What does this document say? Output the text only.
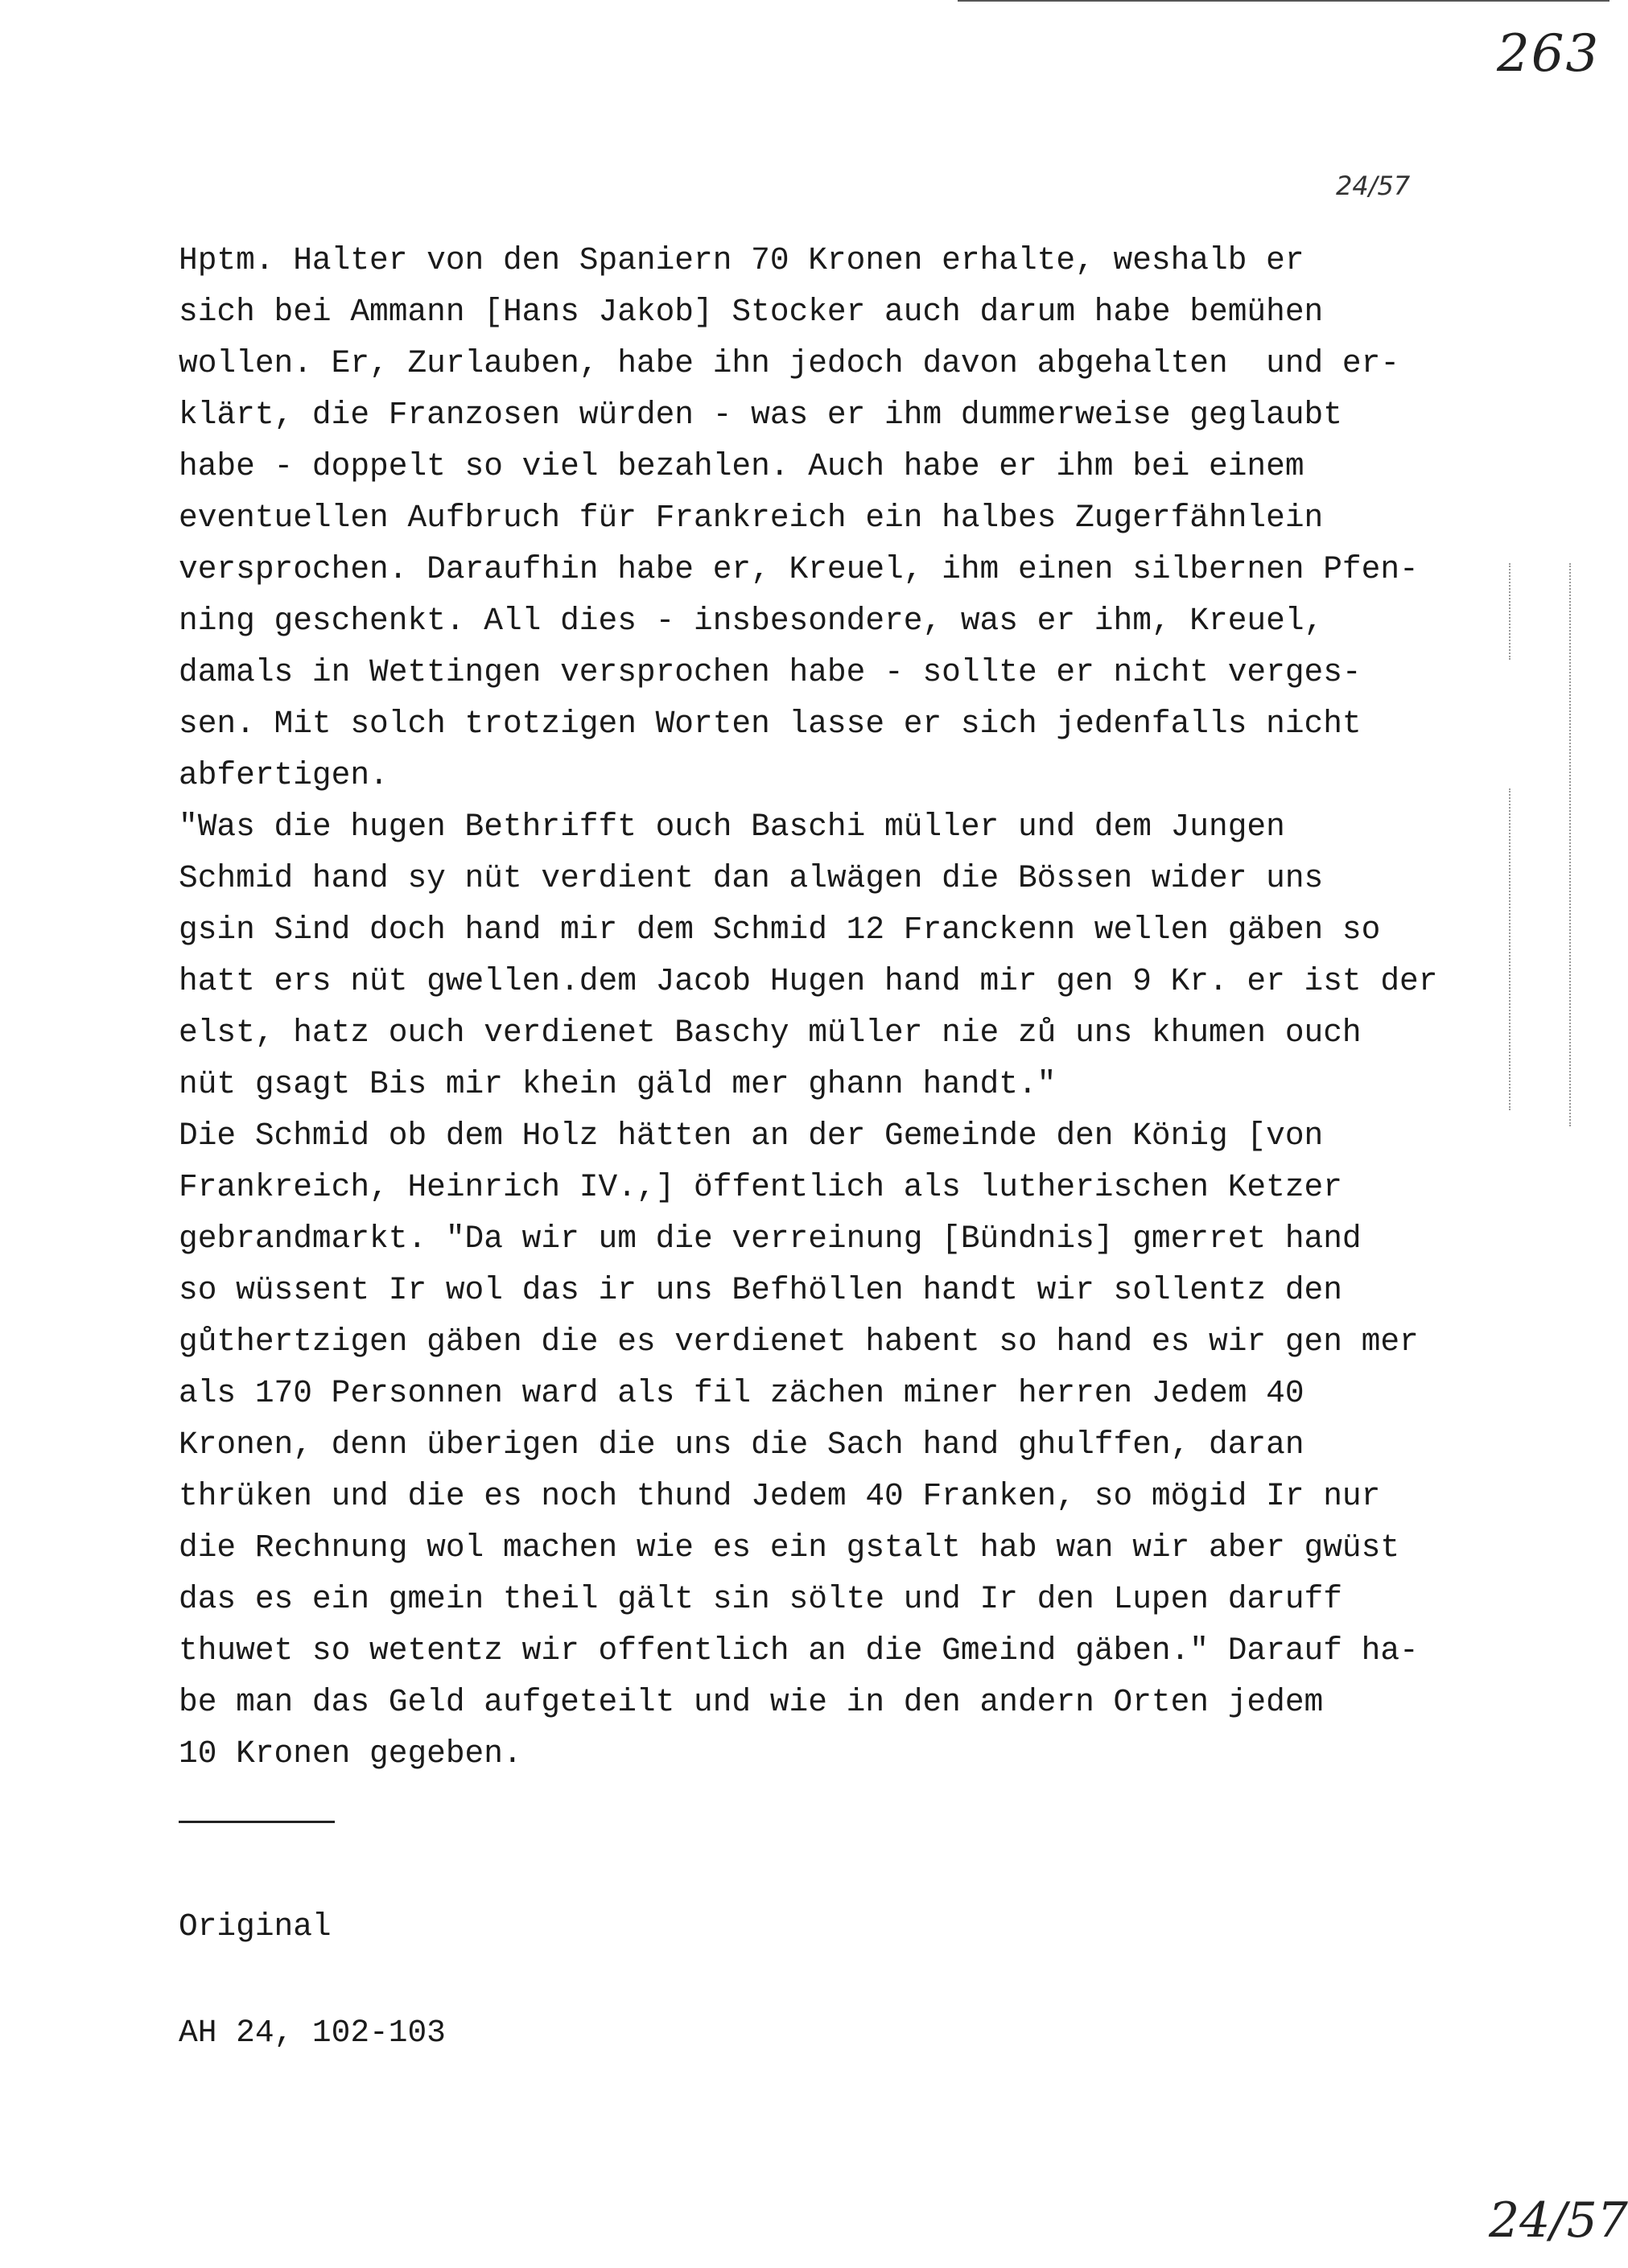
263
24/57
Hptm. Halter von den Spaniern 70 Kronen erhalte, weshalb er
sich bei Ammann [Hans Jakob] Stocker auch darum habe bemühen
wollen. Er, Zurlauben, habe ihn jedoch davon abgehalten  und er-
klärt, die Franzosen würden - was er ihm dummerweise geglaubt
habe - doppelt so viel bezahlen. Auch habe er ihm bei einem
eventuellen Aufbruch für Frankreich ein halbes Zugerfähnlein
versprochen. Daraufhin habe er, Kreuel, ihm einen silbernen Pfen-
ning geschenkt. All dies - insbesondere, was er ihm, Kreuel,
damals in Wettingen versprochen habe - sollte er nicht verges-
sen. Mit solch trotzigen Worten lasse er sich jedenfalls nicht
abfertigen.
"Was die hugen Bethrifft ouch Baschi müller und dem Jungen
Schmid hand sy nüt verdient dan alwägen die Bössen wider uns
gsin Sind doch hand mir dem Schmid 12 Franckenn wellen gäben so
hatt ers nüt gwellen.dem Jacob Hugen hand mir gen 9 Kr. er ist der
elst, hatz ouch verdienet Baschy müller nie zů uns khumen ouch
nüt gsagt Bis mir khein gäld mer ghann handt."
Die Schmid ob dem Holz hätten an der Gemeinde den König [von
Frankreich, Heinrich IV.,] öffentlich als lutherischen Ketzer
gebrandmarkt. "Da wir um die verreinung [Bündnis] gmerret hand
so wüssent Ir wol das ir uns Befhöllen handt wir sollentz den
gůthertzigen gäben die es verdienet habent so hand es wir gen mer
als 170 Personnen ward als fil zächen miner herren Jedem 40
Kronen, denn überigen die uns die Sach hand ghulffen, daran
thrüken und die es noch thund Jedem 40 Franken, so mögid Ir nur
die Rechnung wol machen wie es ein gstalt hab wan wir aber gwüst
das es ein gmein theil gält sin sölte und Ir den Lupen daruff
thuwet so wetentz wir offentlich an die Gmeind gäben." Darauf ha-
be man das Geld aufgeteilt und wie in den andern Orten jedem
10 Kronen gegeben.

Original

AH 24, 102-103

24/57
